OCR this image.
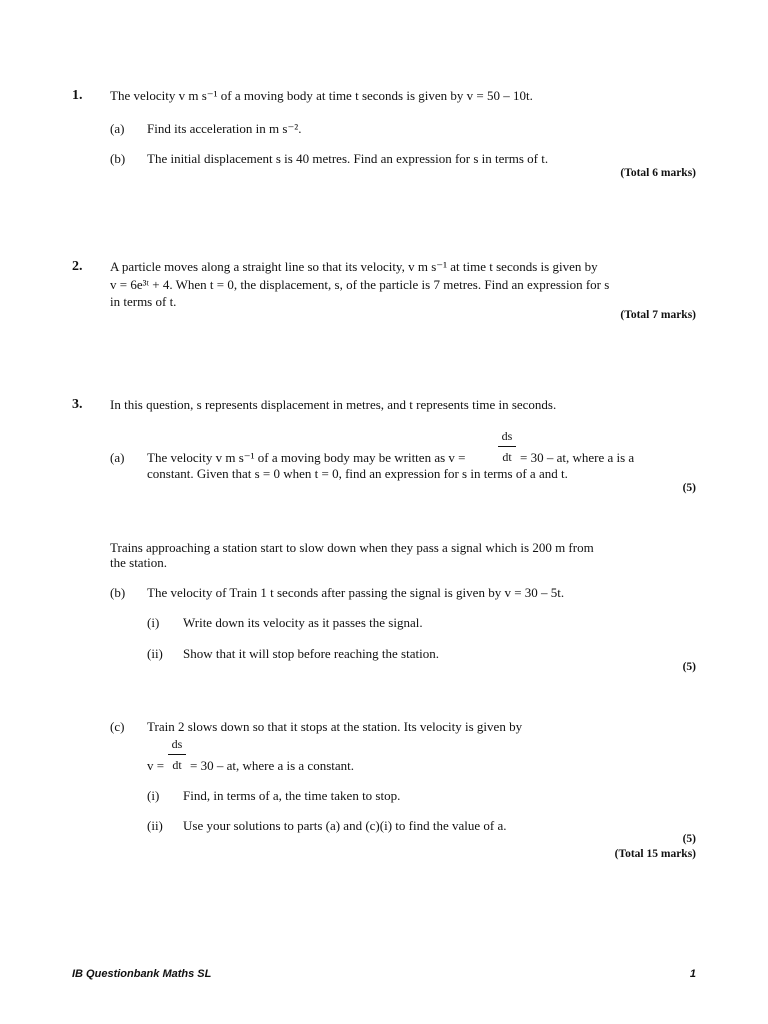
1. The velocity v m s⁻¹ of a moving body at time t seconds is given by v = 50 – 10t.
(a) Find its acceleration in m s⁻².
(b) The initial displacement s is 40 metres. Find an expression for s in terms of t.
(Total 6 marks)
2. A particle moves along a straight line so that its velocity, v m s⁻¹ at time t seconds is given by
v = 6e³ᵗ + 4. When t = 0, the displacement, s, of the particle is 7 metres. Find an expression for s
in terms of t.
(Total 7 marks)
3. In this question, s represents displacement in metres, and t represents time in seconds.
(a) The velocity v m s⁻¹ of a moving body may be written as v =
ds
dt = 30 – at, where a is a
constant. Given that s = 0 when t = 0, find an expression for s in terms of a and t.
(5)
Trains approaching a station start to slow down when they pass a signal which is 200 m from
the station.
(b) The velocity of Train 1 t seconds after passing the signal is given by v = 30 – 5t.
(i) Write down its velocity as it passes the signal.
(ii) Show that it will stop before reaching the station.
(5)
(c) Train 2 slows down so that it stops at the station. Its velocity is given by
v =
ds
dt = 30 – at, where a is a constant.
(i) Find, in terms of a, the time taken to stop.
(ii) Use your solutions to parts (a) and (c)(i) to find the value of a.
(5)
(Total 15 marks)
IB Questionbank Maths SL	1
